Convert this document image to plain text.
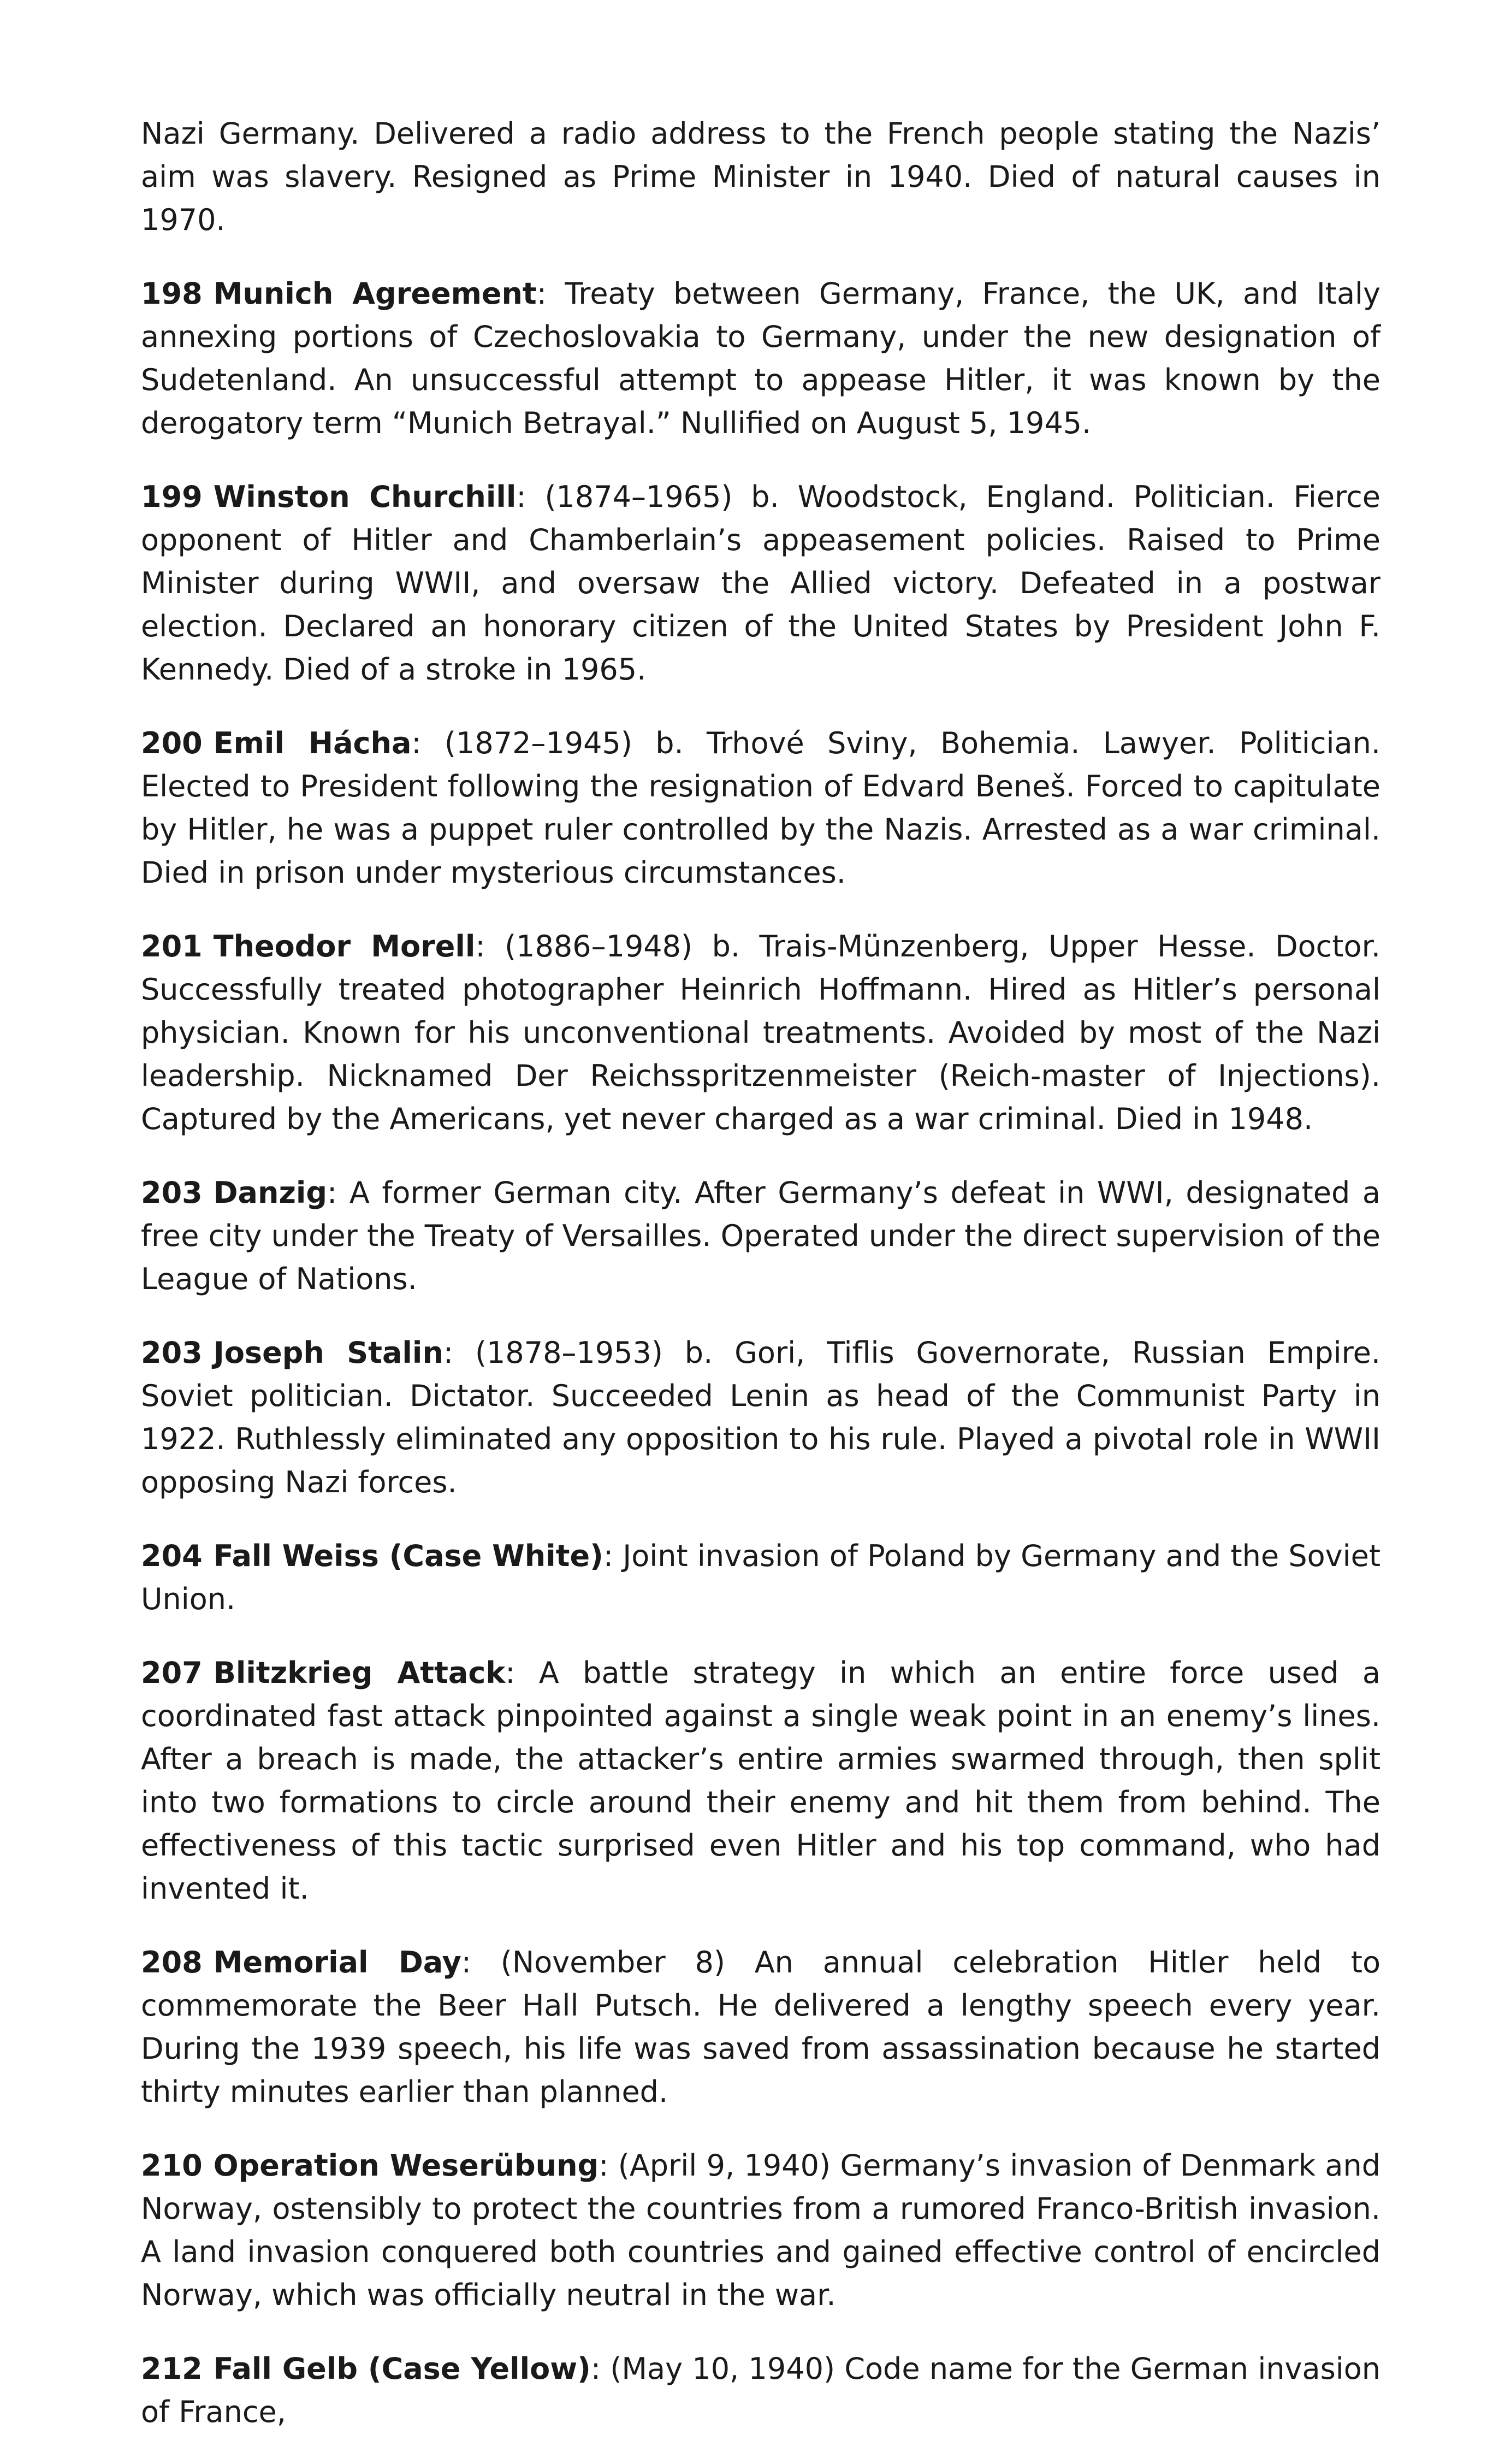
Nazi Germany. Delivered a radio address to the French people stating the Nazis’ aim was slavery. Resigned as Prime Minister in 1940. Died of natural causes in 1970.

198 Munich Agreement: Treaty between Germany, France, the UK, and Italy annexing portions of Czechoslovakia to Germany, under the new designation of Sudetenland. An unsuccessful attempt to appease Hitler, it was known by the derogatory term “Munich Betrayal.” Nullified on August 5, 1945.

199 Winston Churchill: (1874–1965) b. Woodstock, England. Politician. Fierce opponent of Hitler and Chamberlain’s appeasement policies. Raised to Prime Minister during WWII, and oversaw the Allied victory. Defeated in a postwar election. Declared an honorary citizen of the United States by President John F. Kennedy. Died of a stroke in 1965.

200 Emil Hácha: (1872–1945) b. Trhové Sviny, Bohemia. Lawyer. Politician. Elected to President following the resignation of Edvard Beneš. Forced to capitulate by Hitler, he was a puppet ruler controlled by the Nazis. Arrested as a war criminal. Died in prison under mysterious circumstances.

201 Theodor Morell: (1886–1948) b. Trais-Münzenberg, Upper Hesse. Doctor. Successfully treated photographer Heinrich Hoffmann. Hired as Hitler’s personal physician. Known for his unconventional treatments. Avoided by most of the Nazi leadership. Nicknamed Der Reichsspritzenmeister (Reich-master of Injections). Captured by the Americans, yet never charged as a war criminal. Died in 1948.

203 Danzig: A former German city. After Germany’s defeat in WWI, designated a free city under the Treaty of Versailles. Operated under the direct supervision of the League of Nations.

203 Joseph Stalin: (1878–1953) b. Gori, Tiflis Governorate, Russian Empire. Soviet politician. Dictator. Succeeded Lenin as head of the Communist Party in 1922. Ruthlessly eliminated any opposition to his rule. Played a pivotal role in WWII opposing Nazi forces.

204 Fall Weiss (Case White): Joint invasion of Poland by Germany and the Soviet Union.

207 Blitzkrieg Attack: A battle strategy in which an entire force used a coordinated fast attack pinpointed against a single weak point in an enemy’s lines. After a breach is made, the attacker’s entire armies swarmed through, then split into two formations to circle around their enemy and hit them from behind. The effectiveness of this tactic surprised even Hitler and his top command, who had invented it.

208 Memorial Day: (November 8) An annual celebration Hitler held to commemorate the Beer Hall Putsch. He delivered a lengthy speech every year. During the 1939 speech, his life was saved from assassination because he started thirty minutes earlier than planned.

210 Operation Weserübung: (April 9, 1940) Germany’s invasion of Denmark and Norway, ostensibly to protect the countries from a rumored Franco-British invasion. A land invasion conquered both countries and gained effective control of encircled Norway, which was officially neutral in the war.

212 Fall Gelb (Case Yellow): (May 10, 1940) Code name for the German invasion of France,
